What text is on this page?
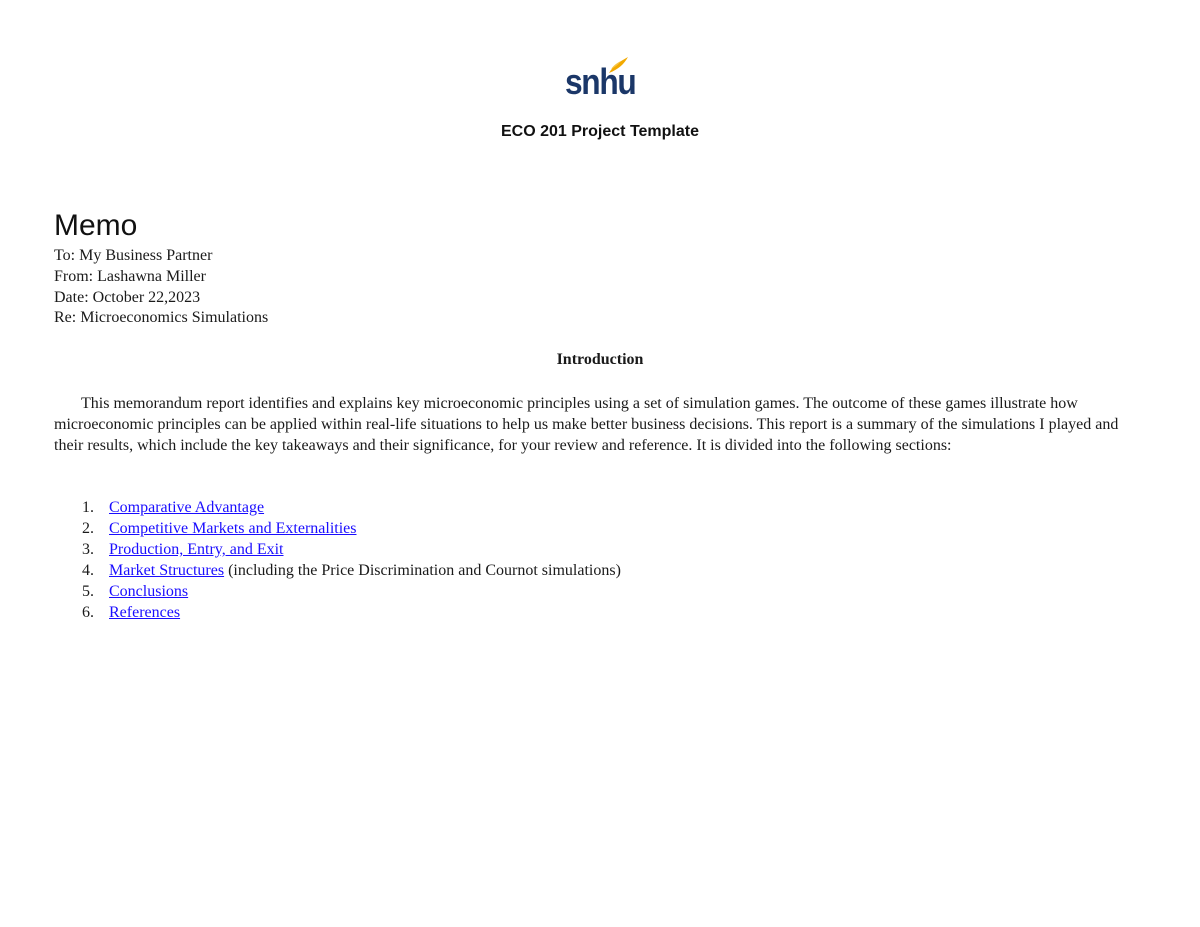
snhu
ECO 201 Project Template
Memo
To: My Business Partner
From: Lashawna Miller
Date: October 22,2023
Re: Microeconomics Simulations
Introduction

This memorandum report identifies and explains key microeconomic principles using a set of simulation games. The outcome of these games illustrate how microeconomic principles can be applied within real-life situations to help us make better business decisions. This report is a summary of the simulations I played and their results, which include the key takeaways and their significance, for your review and reference. It is divided into the following sections:

1. Comparative Advantage
2. Competitive Markets and Externalities
3. Production, Entry, and Exit
4. Market Structures (including the Price Discrimination and Cournot simulations)
5. Conclusions
6. References
